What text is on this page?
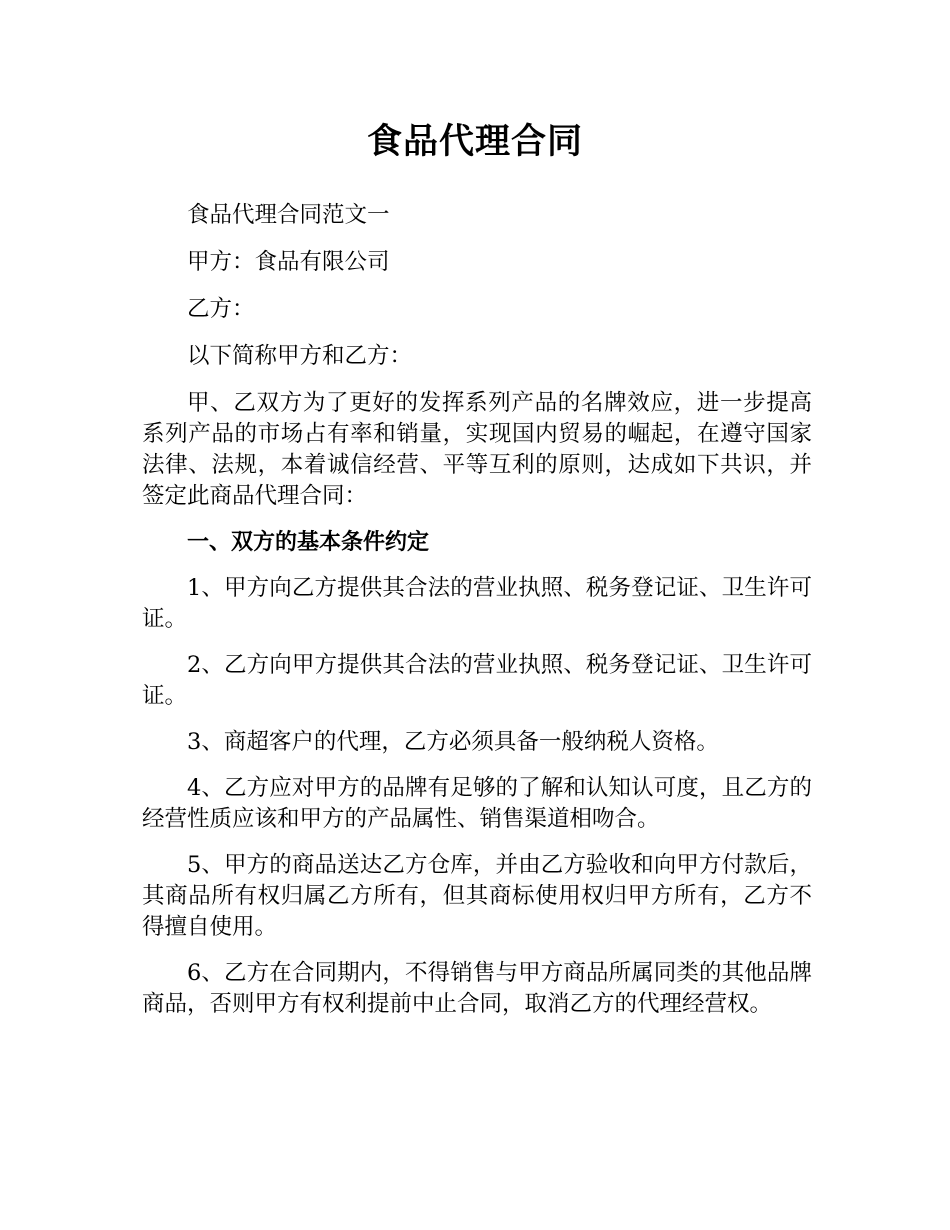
食品代理合同

食品代理合同范文一

甲方：食品有限公司

乙方：

以下简称甲方和乙方：

甲、乙双方为了更好的发挥系列产品的名牌效应，进一步提高系列产品的市场占有率和销量，实现国内贸易的崛起，在遵守国家法律、法规，本着诚信经营、平等互利的原则，达成如下共识，并签定此商品代理合同：

一、双方的基本条件约定

1、甲方向乙方提供其合法的营业执照、税务登记证、卫生许可证。

2、乙方向甲方提供其合法的营业执照、税务登记证、卫生许可证。

3、商超客户的代理，乙方必须具备一般纳税人资格。

4、乙方应对甲方的品牌有足够的了解和认知认可度，且乙方的经营性质应该和甲方的产品属性、销售渠道相吻合。

5、甲方的商品送达乙方仓库，并由乙方验收和向甲方付款后，其商品所有权归属乙方所有，但其商标使用权归甲方所有，乙方不得擅自使用。

6、乙方在合同期内，不得销售与甲方商品所属同类的其他品牌商品，否则甲方有权利提前中止合同，取消乙方的代理经营权。
